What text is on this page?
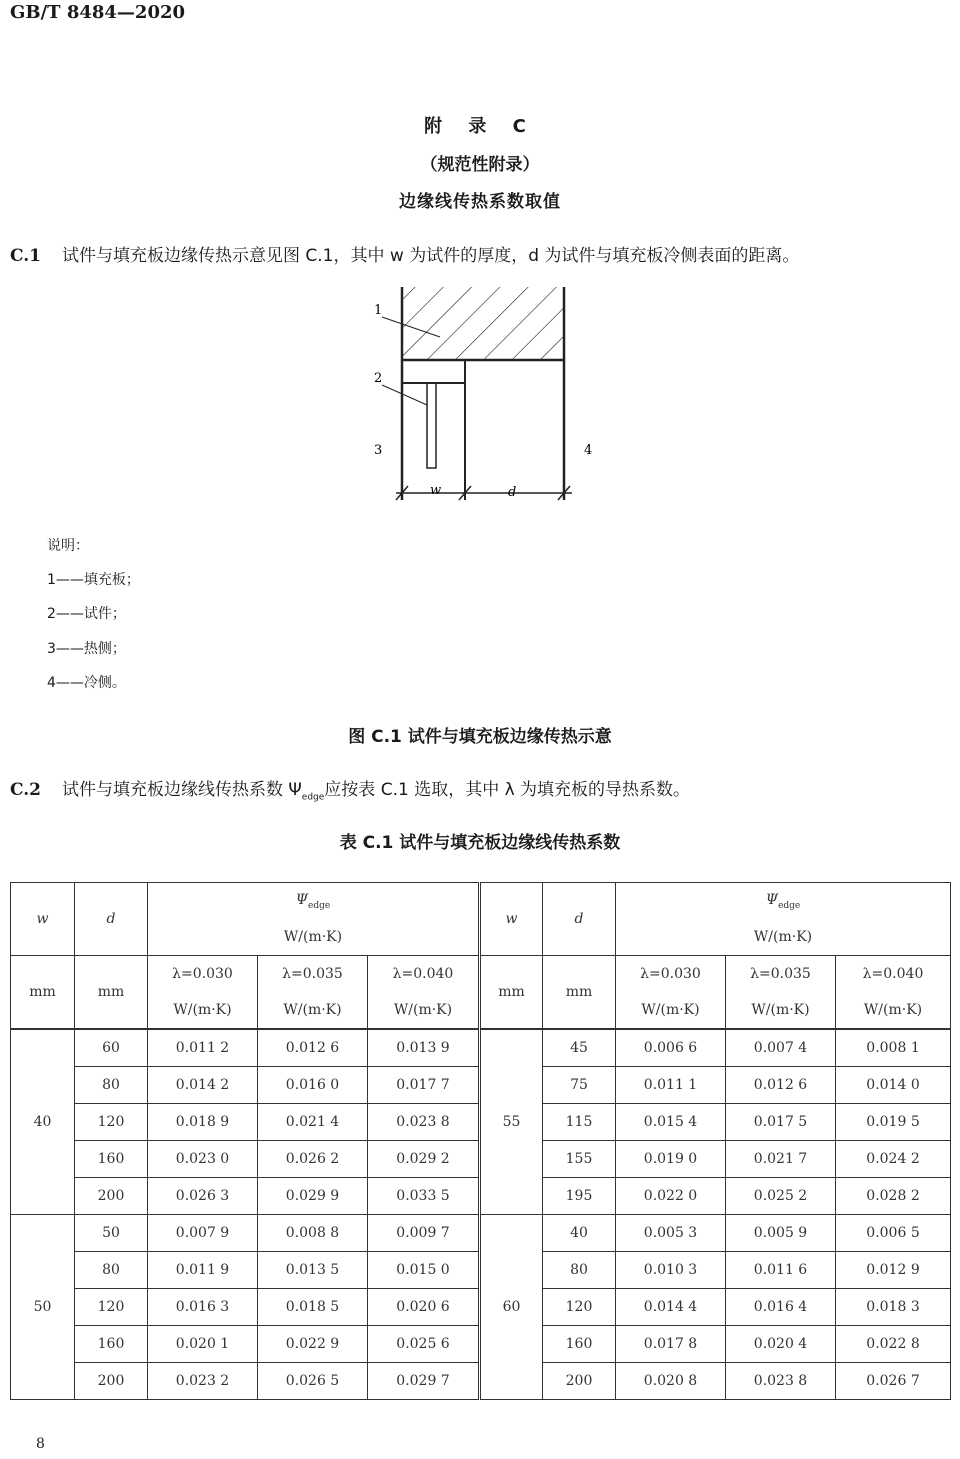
GB/T 8484—2020
附 录 C
（规范性附录）
边缘线传热系数取值
C.1 试件与填充板边缘传热示意见图 C.1，其中 w 为试件的厚度，d 为试件与填充板冷侧表面的距离。
1
2
3	4
w	d
说明：
1——填充板；
2——试件；
3——热侧；
4——冷侧。
图 C.1 试件与填充板边缘传热示意
C.2 试件与填充板边缘线传热系数 $\Psi_{edge}$应按表 C.1 选取，其中 λ 为填充板的导热系数。
表 C.1 试件与填充板边缘线传热系数
w	d	$\Psi_{edge}$			w	d	$\Psi_{edge}$
		W/(m·K)					W/(m·K)		
mm	mm	λ=0.030	λ=0.035	λ=0.040	mm	mm	λ=0.030	λ=0.035	λ=0.040
		W/(m·K)	W/(m·K)	W/(m·K)			W/(m·K)	W/(m·K)	W/(m·K)
40	60	0.011 2	0.012 6	0.013 9	55	45	0.006 6	0.007 4	0.008 1
	80	0.014 2	0.016 0	0.017 7		75	0.011 1	0.012 6	0.014 0
	120	0.018 9	0.021 4	0.023 8		115	0.015 4	0.017 5	0.019 5
	160	0.023 0	0.026 2	0.029 2		155	0.019 0	0.021 7	0.024 2
	200	0.026 3	0.029 9	0.033 5		195	0.022 0	0.025 2	0.028 2
50	50	0.007 9	0.008 8	0.009 7	60	40	0.005 3	0.005 9	0.006 5
	80	0.011 9	0.013 5	0.015 0		80	0.010 3	0.011 6	0.012 9
	120	0.016 3	0.018 5	0.020 6		120	0.014 4	0.016 4	0.018 3
	160	0.020 1	0.022 9	0.025 6		160	0.017 8	0.020 4	0.022 8
	200	0.023 2	0.026 5	0.029 7		200	0.020 8	0.023 8	0.026 7
8
